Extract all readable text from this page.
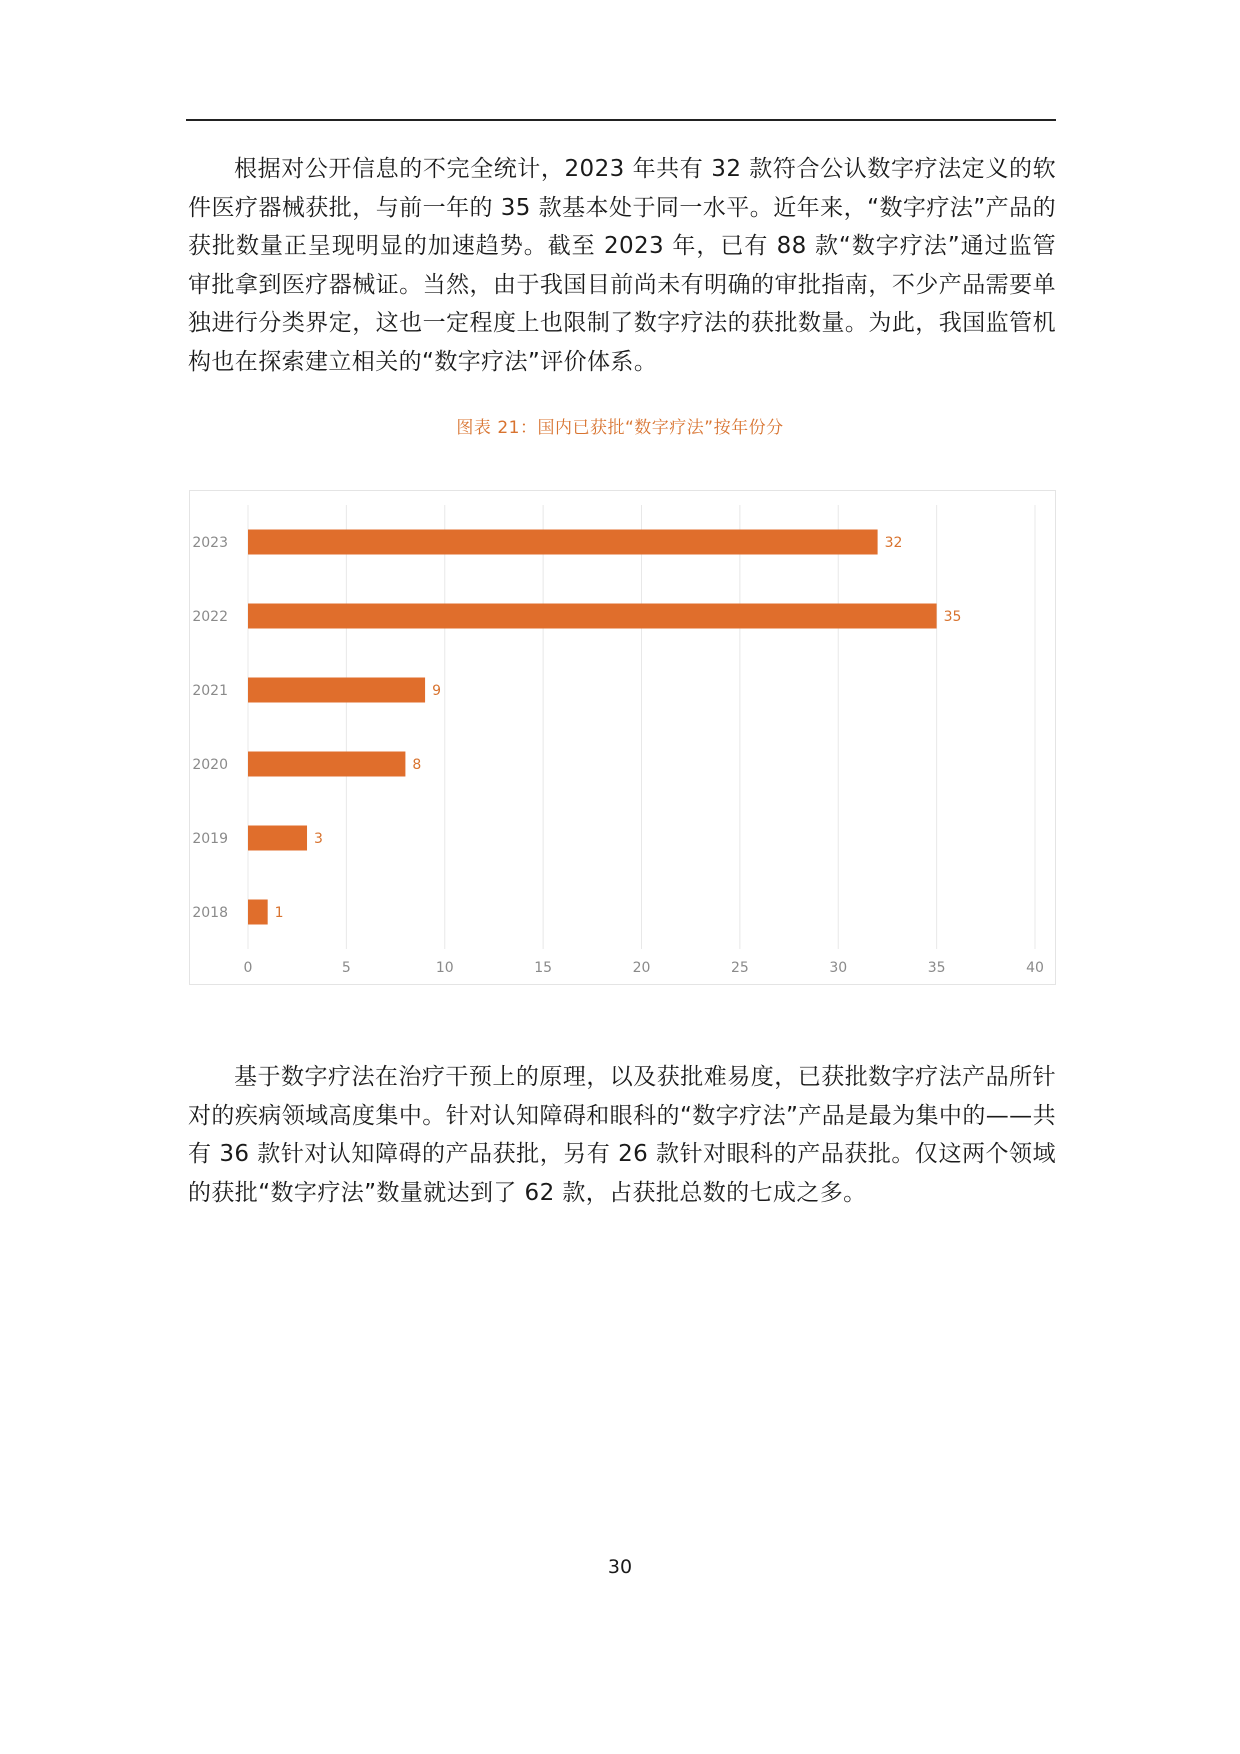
根据对公开信息的不完全统计，2023 年共有 32 款符合公认数字疗法定义的软件医疗器械获批，与前一年的 35 款基本处于同一水平。近年来，“数字疗法”产品的获批数量正呈现明显的加速趋势。截至 2023 年，已有 88 款“数字疗法”通过监管审批拿到医疗器械证。当然，由于我国目前尚未有明确的审批指南，不少产品需要单独进行分类界定，这也一定程度上也限制了数字疗法的获批数量。为此，我国监管机构也在探索建立相关的“数字疗法”评价体系。

图表 21：国内已获批“数字疗法”按年份分
0	5	10	15	20	25	30	35	40
2023	32
2022	35
2021	9
2020	8
2019	3
2018	1

基于数字疗法在治疗干预上的原理，以及获批难易度，已获批数字疗法产品所针对的疾病领域高度集中。针对认知障碍和眼科的“数字疗法”产品是最为集中的——共有 36 款针对认知障碍的产品获批，另有 26 款针对眼科的产品获批。仅这两个领域的获批“数字疗法”数量就达到了 62 款，占获批总数的七成之多。

30
